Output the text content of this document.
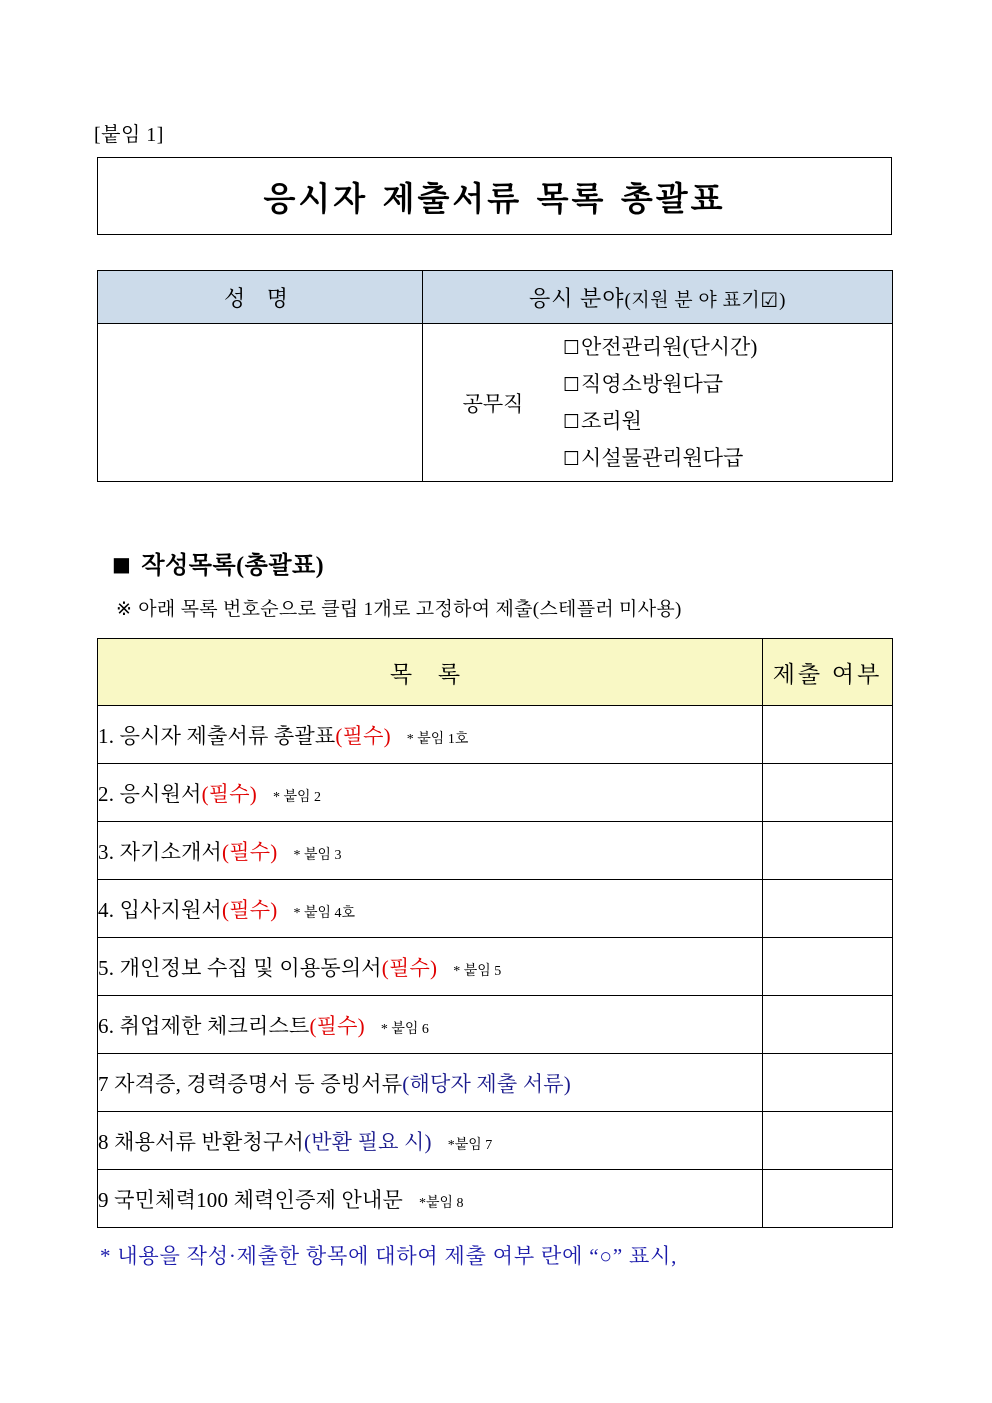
[붙임 1]
응시자 제출서류 목록 총괄표
성 명	응시 분야(지원 분 야 표기☑)

	공무직
☐안전관리원(단시간)
☐직영소방원다급
☐조리원
☐시설물관리원다급
■ 작성목록(총괄표)
※ 아래 목록 번호순으로 클립 1개로 고정하여 제출(스테플러 미사용)
목 록	제출 여부
1. 응시자 제출서류 총괄표(필수) * 붙임 1호	
2. 응시원서(필수) * 붙임 2	
3. 자기소개서(필수) * 붙임 3	
4. 입사지원서(필수) * 붙임 4호	
5. 개인정보 수집 및 이용동의서(필수) * 붙임 5	
6. 취업제한 체크리스트(필수) * 붙임 6	
7 자격증, 경력증명서 등 증빙서류(해당자 제출 서류)	
8 채용서류 반환청구서(반환 필요 시) *붙임 7	
9 국민체력100 체력인증제 안내문 *붙임 8	
* 내용을 작성·제출한 항목에 대하여 제출 여부 란에 “○” 표시,
